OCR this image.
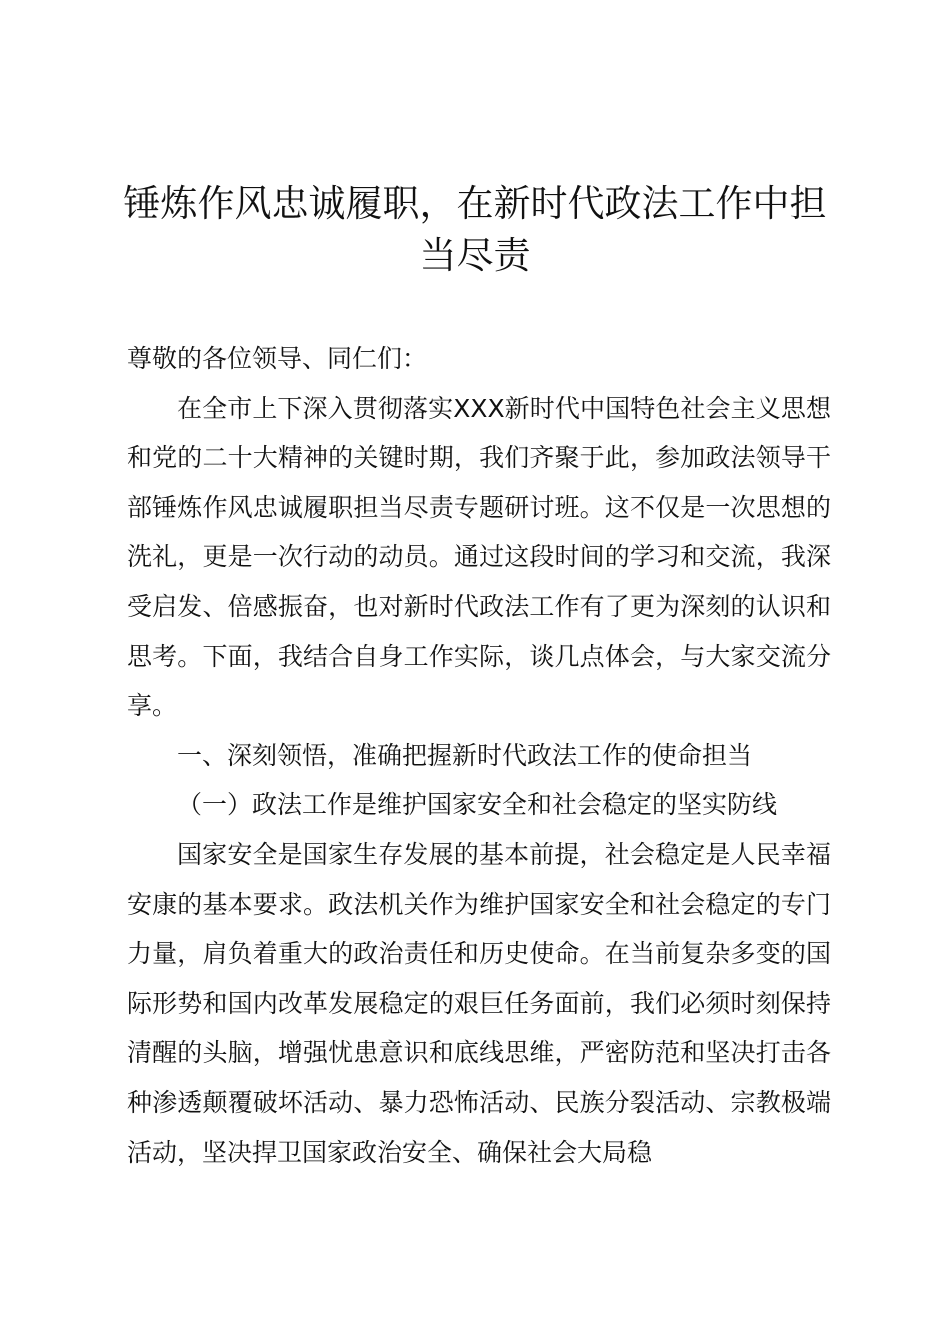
锤炼作风忠诚履职，在新时代政法工作中担当尽责

尊敬的各位领导、同仁们：

在全市上下深入贯彻落实XXX新时代中国特色社会主义思想和党的二十大精神的关键时期，我们齐聚于此，参加政法领导干部锤炼作风忠诚履职担当尽责专题研讨班。这不仅是一次思想的洗礼，更是一次行动的动员。通过这段时间的学习和交流，我深受启发、倍感振奋，也对新时代政法工作有了更为深刻的认识和思考。下面，我结合自身工作实际，谈几点体会，与大家交流分享。

一、深刻领悟，准确把握新时代政法工作的使命担当

（一）政法工作是维护国家安全和社会稳定的坚实防线

国家安全是国家生存发展的基本前提，社会稳定是人民幸福安康的基本要求。政法机关作为维护国家安全和社会稳定的专门力量，肩负着重大的政治责任和历史使命。在当前复杂多变的国际形势和国内改革发展稳定的艰巨任务面前，我们必须时刻保持清醒的头脑，增强忧患意识和底线思维，严密防范和坚决打击各种渗透颠覆破坏活动、暴力恐怖活动、民族分裂活动、宗教极端活动，坚决捍卫国家政治安全、确保社会大局稳
